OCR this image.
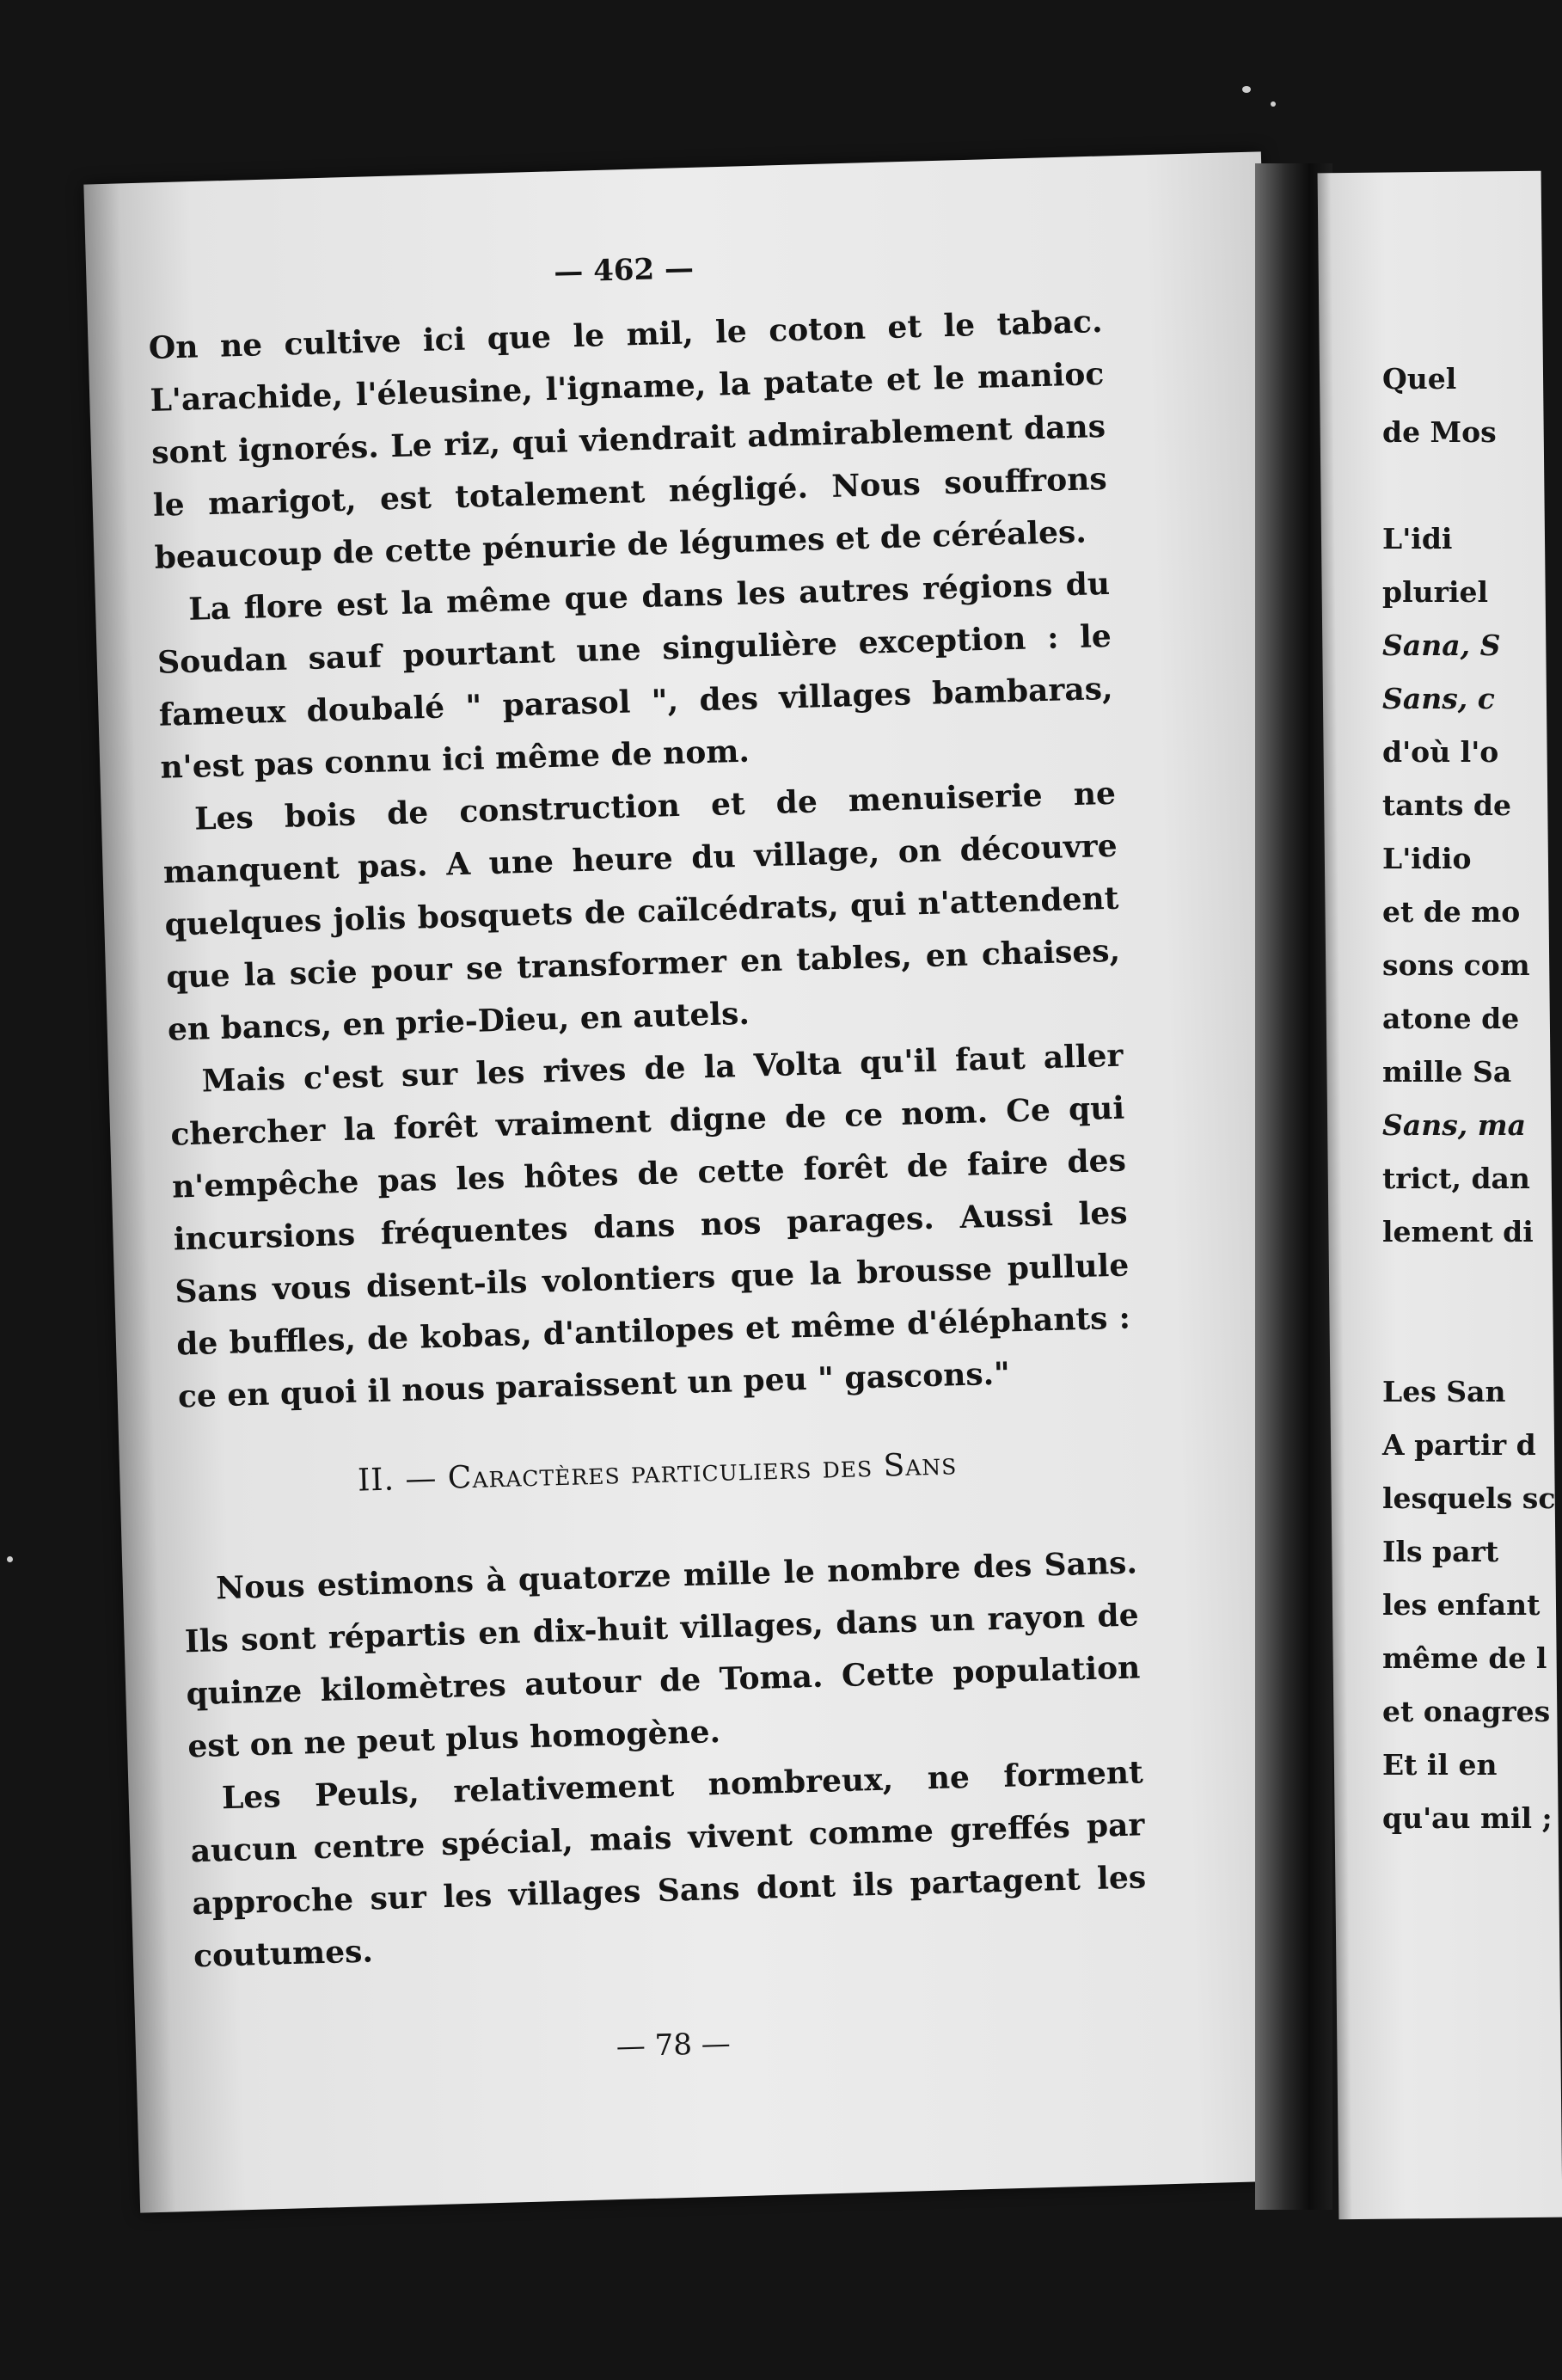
— 462 —

On ne cultive ici que le mil, le coton et le tabac. L'arachide, l'éleusine, l'igname, la patate et le manioc sont ignorés. Le riz, qui viendrait admirablement dans le marigot, est totalement négligé. Nous souffrons beaucoup de cette pénurie de légumes et de céréales.

La flore est la même que dans les autres régions du Soudan sauf pourtant une singulière exception : le fameux doubalé " parasol ", des villages bambaras, n'est pas connu ici même de nom.

Les bois de construction et de menuiserie ne manquent pas. A une heure du village, on découvre quelques jolis bosquets de caïlcédrats, qui n'attendent que la scie pour se transformer en tables, en chaises, en bancs, en prie-Dieu, en autels.

Mais c'est sur les rives de la Volta qu'il faut aller chercher la forêt vraiment digne de ce nom. Ce qui n'empêche pas les hôtes de cette forêt de faire des incursions fréquentes dans nos parages. Aussi les Sans vous disent-ils volontiers que la brousse pullule de buffles, de kobas, d'antilopes et même d'éléphants : ce en quoi il nous paraissent un peu " gascons."

II. — Caractères particuliers des Sans

Nous estimons à quatorze mille le nombre des Sans. Ils sont répartis en dix-huit villages, dans un rayon de quinze kilomètres autour de Toma. Cette population est on ne peut plus homogène.

Les Peuls, relativement nombreux, ne forment aucun centre spécial, mais vivent comme greffés par approche sur les villages Sans dont ils partagent les coutumes.

— 78 —
Quel
de Mos
L'idi
pluriel
Sana, S
Sans, c
d'où l'o
tants de
L'idio
et de mo
sons com
atone de
mille Sa
Sans, ma
trict, dan
lement di
Les San
A partir d
lesquels sc
Ils part
les enfant
même de l
et onagres
Et il en
qu'au mil ;
